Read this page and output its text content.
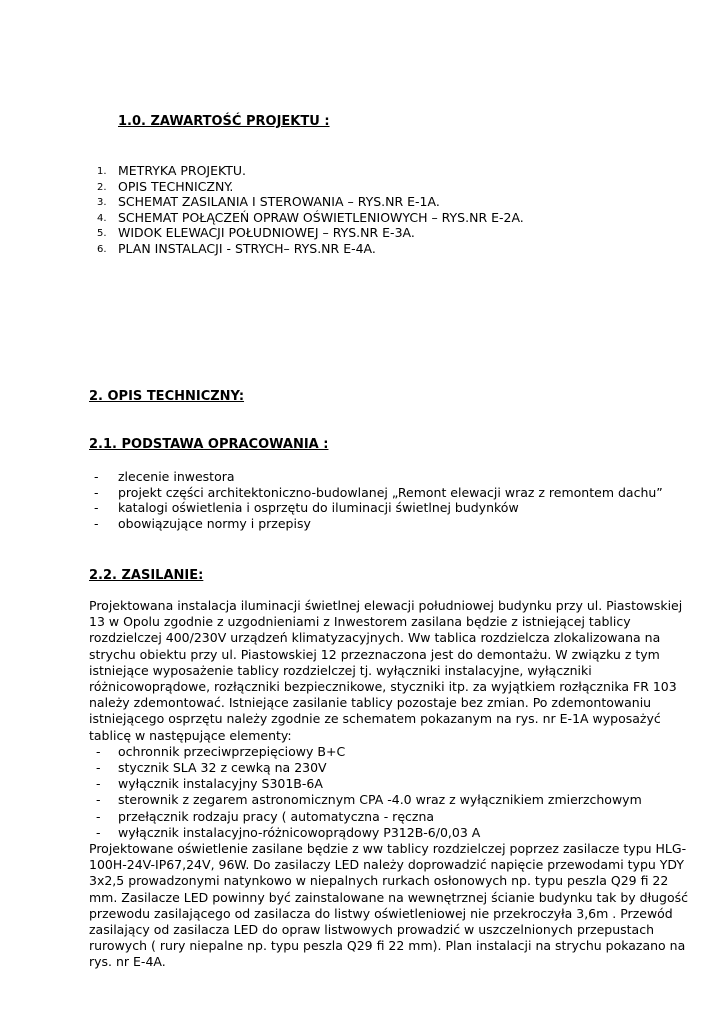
1.0. ZAWARTOŚĆ PROJEKTU :
1. METRYKA PROJEKTU.
2. OPIS TECHNICZNY.
3. SCHEMAT ZASILANIA I STEROWANIA – RYS.NR E-1A.
4. SCHEMAT POŁĄCZEŃ OPRAW OŚWIETLENIOWYCH – RYS.NR E-2A.
5. WIDOK ELEWACJI POŁUDNIOWEJ – RYS.NR E-3A.
6. PLAN INSTALACJI - STRYCH– RYS.NR E-4A.
2. OPIS TECHNICZNY:
2.1. PODSTAWA OPRACOWANIA :
- zlecenie inwestora
- projekt części architektoniczno-budowlanej „Remont elewacji wraz z remontem dachu”
- katalogi oświetlenia i osprzętu do iluminacji świetlnej budynków
- obowiązujące normy i przepisy
2.2. ZASILANIE:
Projektowana instalacja iluminacji świetlnej elewacji południowej budynku przy ul. Piastowskiej
13 w Opolu zgodnie z uzgodnieniami z Inwestorem zasilana będzie z istniejącej tablicy
rozdzielczej 400/230V urządzeń klimatyzacyjnych. Ww tablica rozdzielcza zlokalizowana na
strychu obiektu przy ul. Piastowskiej 12 przeznaczona jest do demontażu. W związku z tym
istniejące wyposażenie tablicy rozdzielczej tj. wyłączniki instalacyjne, wyłączniki
różnicowoprądowe, rozłączniki bezpiecznikowe, styczniki itp. za wyjątkiem rozłącznika FR 103
należy zdemontować. Istniejące zasilanie tablicy pozostaje bez zmian. Po zdemontowaniu
istniejącego osprzętu należy zgodnie ze schematem pokazanym na rys. nr E-1A wyposażyć
tablicę w następujące elementy:
- ochronnik przeciwprzepięciowy B+C
- stycznik SLA 32 z cewką na 230V
- wyłącznik instalacyjny S301B-6A
- sterownik z zegarem astronomicznym CPA -4.0 wraz z wyłącznikiem zmierzchowym
- przełącznik rodzaju pracy ( automatyczna - ręczna
- wyłącznik instalacyjno-różnicowoprądowy P312B-6/0,03 A
Projektowane oświetlenie zasilane będzie z ww tablicy rozdzielczej poprzez zasilacze typu HLG-
100H-24V-IP67,24V, 96W. Do zasilaczy LED należy doprowadzić napięcie przewodami typu YDY
3x2,5 prowadzonymi natynkowo w niepalnych rurkach osłonowych np. typu peszla Q29 fi 22
mm. Zasilacze LED powinny być zainstalowane na wewnętrznej ścianie budynku tak by długość
przewodu zasilającego od zasilacza do listwy oświetleniowej nie przekroczyła 3,6m . Przewód
zasilający od zasilacza LED do opraw listwowych prowadzić w uszczelnionych przepustach
rurowych ( rury niepalne np. typu peszla Q29 fi 22 mm). Plan instalacji na strychu pokazano na
rys. nr E-4A.
